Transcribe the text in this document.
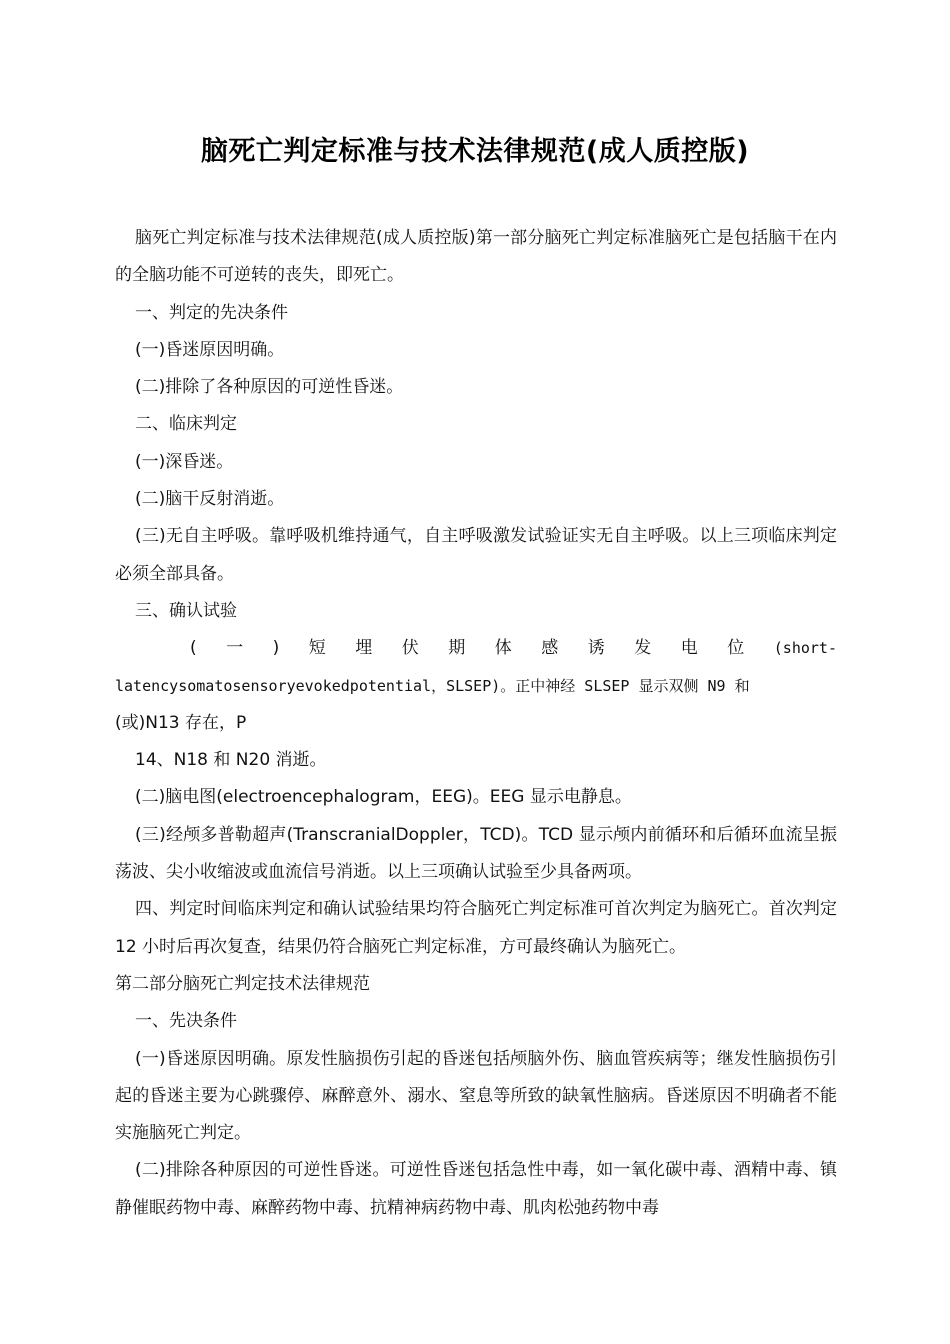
脑死亡判定标准与技术法律规范(成人质控版)

脑死亡判定标准与技术法律规范(成人质控版)第一部分脑死亡判定标准脑死亡是包括脑干在内的全脑功能不可逆转的丧失，即死亡。

一、判定的先决条件

(一)昏迷原因明确。

(二)排除了各种原因的可逆性昏迷。

二、临床判定

(一)深昏迷。

(二)脑干反射消逝。

(三)无自主呼吸。靠呼吸机维持通气，自主呼吸激发试验证实无自主呼吸。以上三项临床判定必须全部具备。

三、确认试验

( 一 ) 短 埋 伏 期 体 感 诱 发 电 位 (short-

latencysomatosensoryevokedpotential，SLSEP)。正中神经 SLSEP 显示双侧 N9 和

(或)N13 存在，P

14、N18 和 N20 消逝。

(二)脑电图(electroencephalogram，EEG)。EEG 显示电静息。

(三)经颅多普勒超声(TranscranialDoppler，TCD)。TCD 显示颅内前循环和后循环血流呈振荡波、尖小收缩波或血流信号消逝。以上三项确认试验至少具备两项。

四、判定时间临床判定和确认试验结果均符合脑死亡判定标准可首次判定为脑死亡。首次判定 12 小时后再次复查，结果仍符合脑死亡判定标准，方可最终确认为脑死亡。

第二部分脑死亡判定技术法律规范

一、先决条件

(一)昏迷原因明确。原发性脑损伤引起的昏迷包括颅脑外伤、脑血管疾病等；继发性脑损伤引起的昏迷主要为心跳骤停、麻醉意外、溺水、窒息等所致的缺氧性脑病。昏迷原因不明确者不能实施脑死亡判定。

(二)排除各种原因的可逆性昏迷。可逆性昏迷包括急性中毒，如一氧化碳中毒、酒精中毒、镇静催眠药物中毒、麻醉药物中毒、抗精神病药物中毒、肌肉松弛药物中毒
